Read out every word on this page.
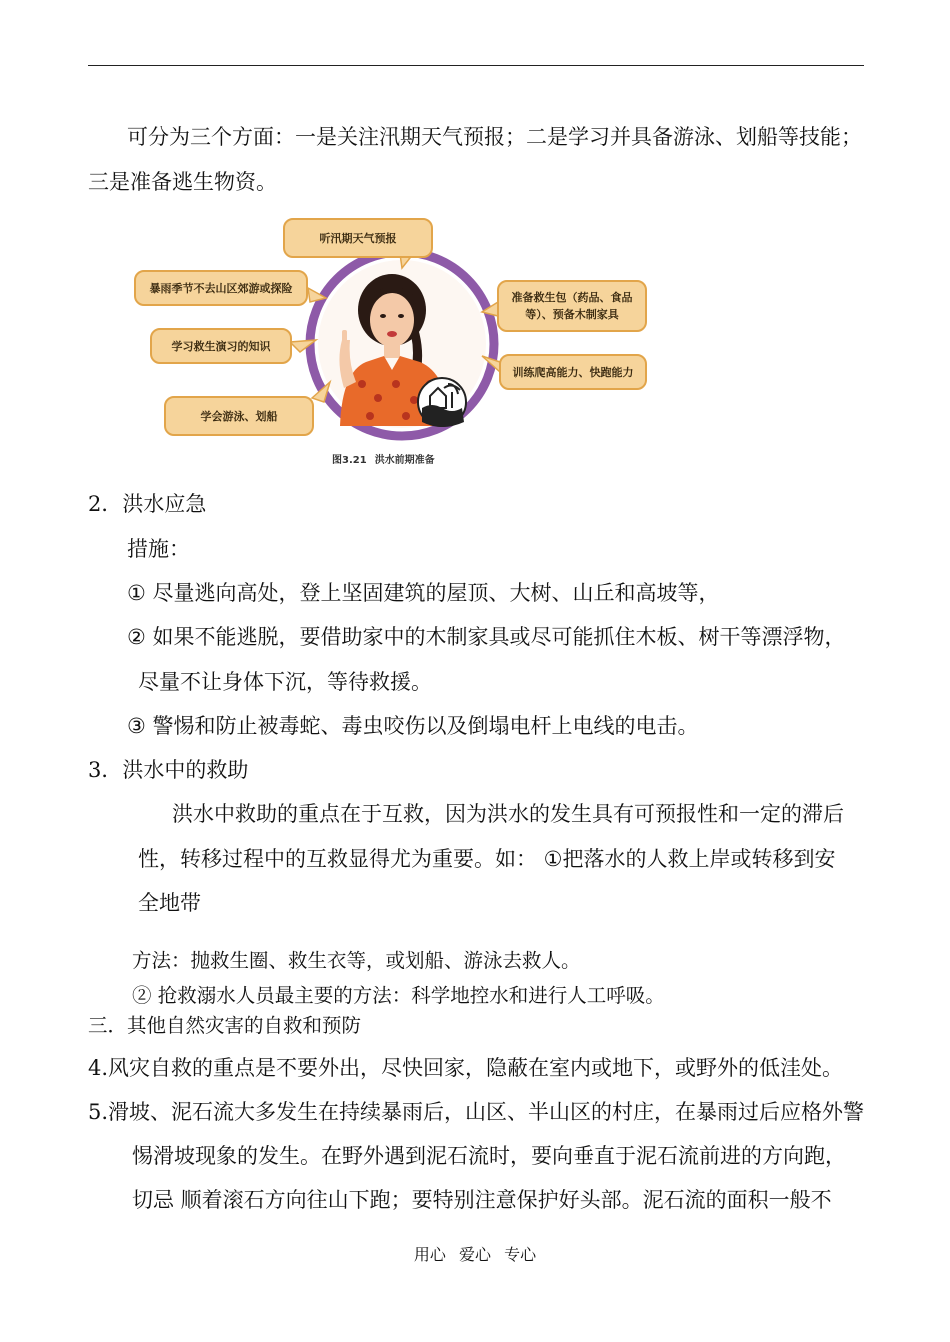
可分为三个方面：一是关注汛期天气预报；二是学习并具备游泳、划船等技能；
三是准备逃生物资。
听汛期天气预报
暴雨季节不去山区郊游或探险
学习救生演习的知识
学会游泳、划船
准备救生包（药品、食品等）、预备木制家具
训练爬高能力、快跑能力
图3.21 洪水前期准备
2．洪水应急
措施：
① 尽量逃向高处，登上坚固建筑的屋顶、大树、山丘和高坡等，
② 如果不能逃脱，要借助家中的木制家具或尽可能抓住木板、树干等漂浮物，
尽量不让身体下沉，等待救援。
③ 警惕和防止被毒蛇、毒虫咬伤以及倒塌电杆上电线的电击。
3．洪水中的救助
洪水中救助的重点在于互救，因为洪水的发生具有可预报性和一定的滞后
性，转移过程中的互救显得尤为重要。如： ①把落水的人救上岸或转移到安
全地带
方法：抛救生圈、救生衣等，或划船、游泳去救人。
② 抢救溺水人员最主要的方法：科学地控水和进行人工呼吸。
三．其他自然灾害的自救和预防
4.风灾自救的重点是不要外出，尽快回家，隐蔽在室内或地下，或野外的低洼处。
5.滑坡、泥石流大多发生在持续暴雨后，山区、半山区的村庄，在暴雨过后应格外警
惕滑坡现象的发生。在野外遇到泥石流时，要向垂直于泥石流前进的方向跑，
切忌 顺着滚石方向往山下跑；要特别注意保护好头部。泥石流的面积一般不
用心 爱心 专心
